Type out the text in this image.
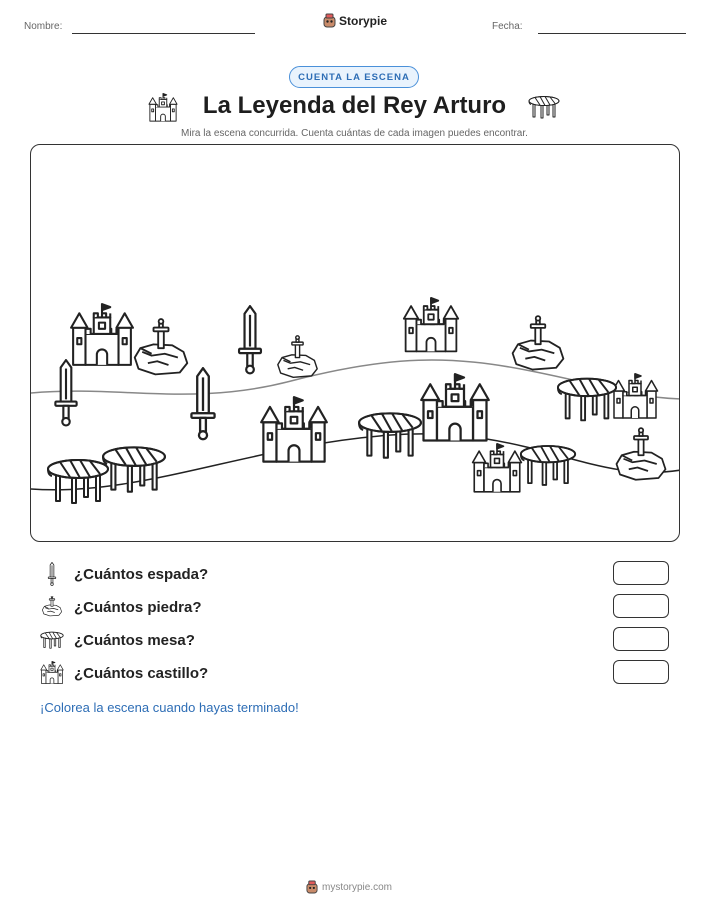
Nombre:	Fecha:
Storypie
CUENTA LA ESCENA
La Leyenda del Rey Arturo
Mira la escena concurrida. Cuenta cuántas de cada imagen puedes encontrar.
¿Cuántos espada?
¿Cuántos piedra?
¿Cuántos mesa?
¿Cuántos castillo?
¡Colorea la escena cuando hayas terminado!
mystorypie.com
